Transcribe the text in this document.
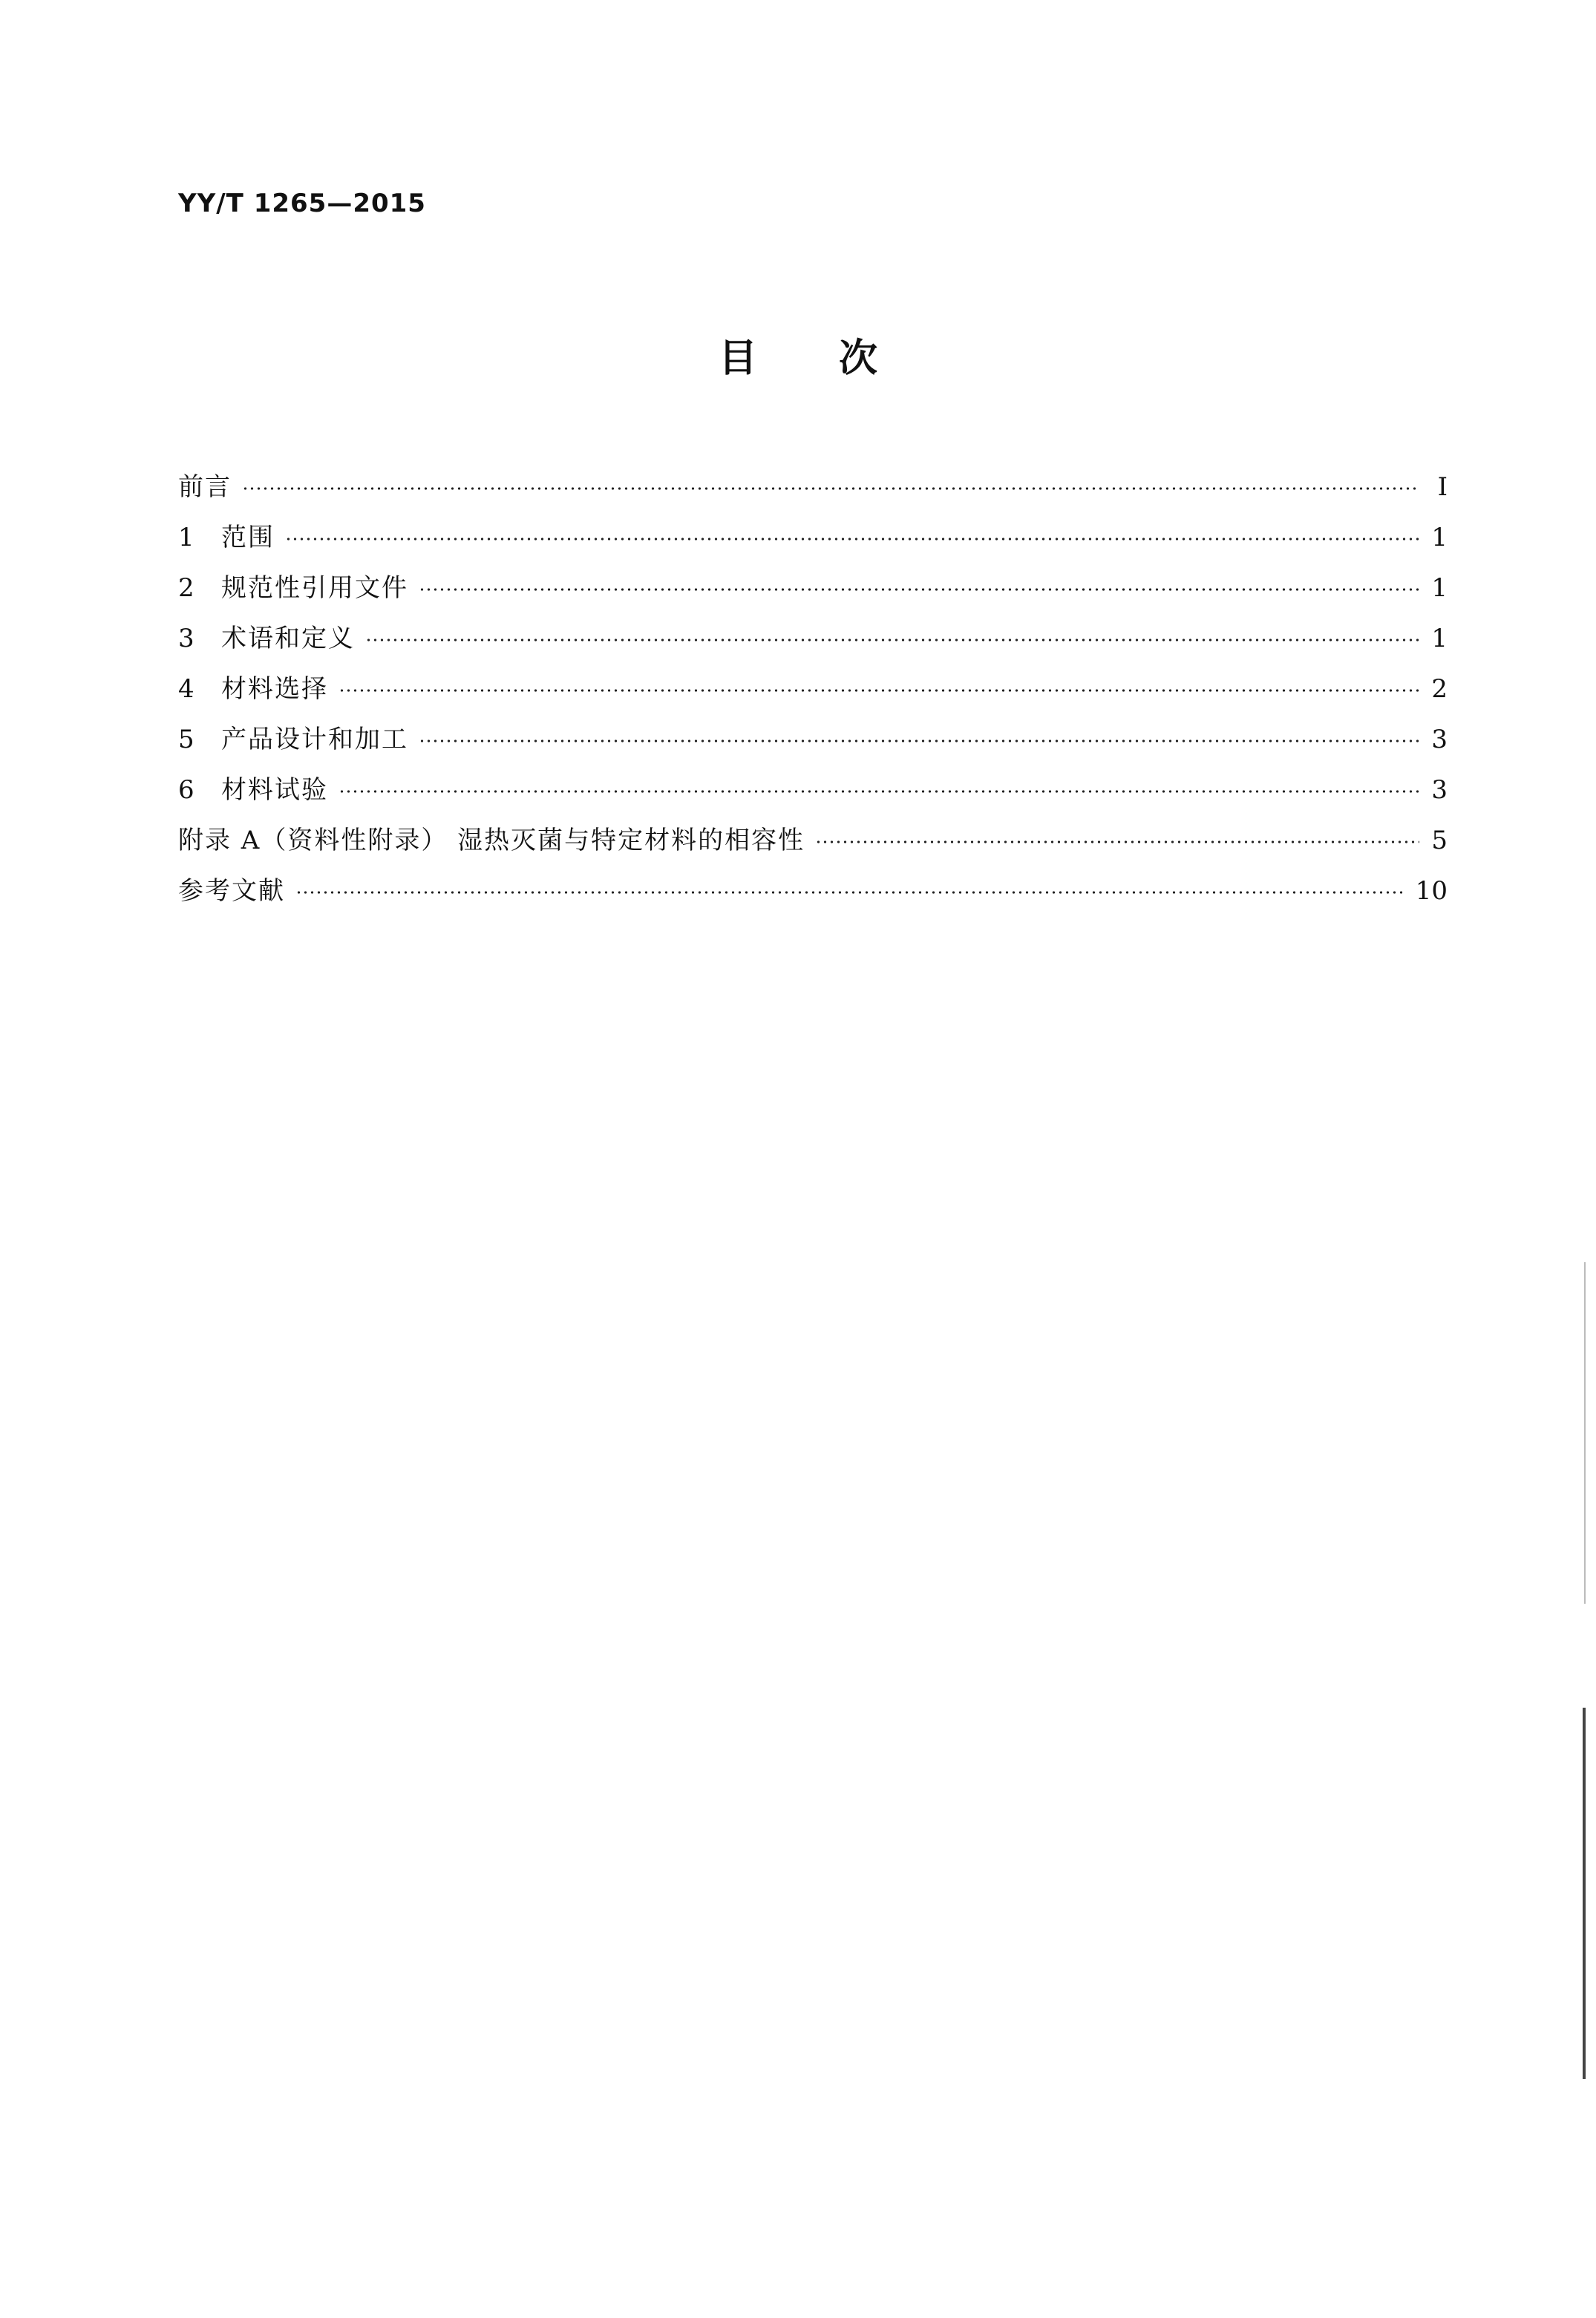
YY/T 1265—2015
目 次
前言	Ⅰ
1	范围	1
2	规范性引用文件	1
3	术语和定义	1
4	材料选择	2
5	产品设计和加工	3
6	材料试验	3
附录 A（资料性附录） 湿热灭菌与特定材料的相容性	5
参考文献	10
